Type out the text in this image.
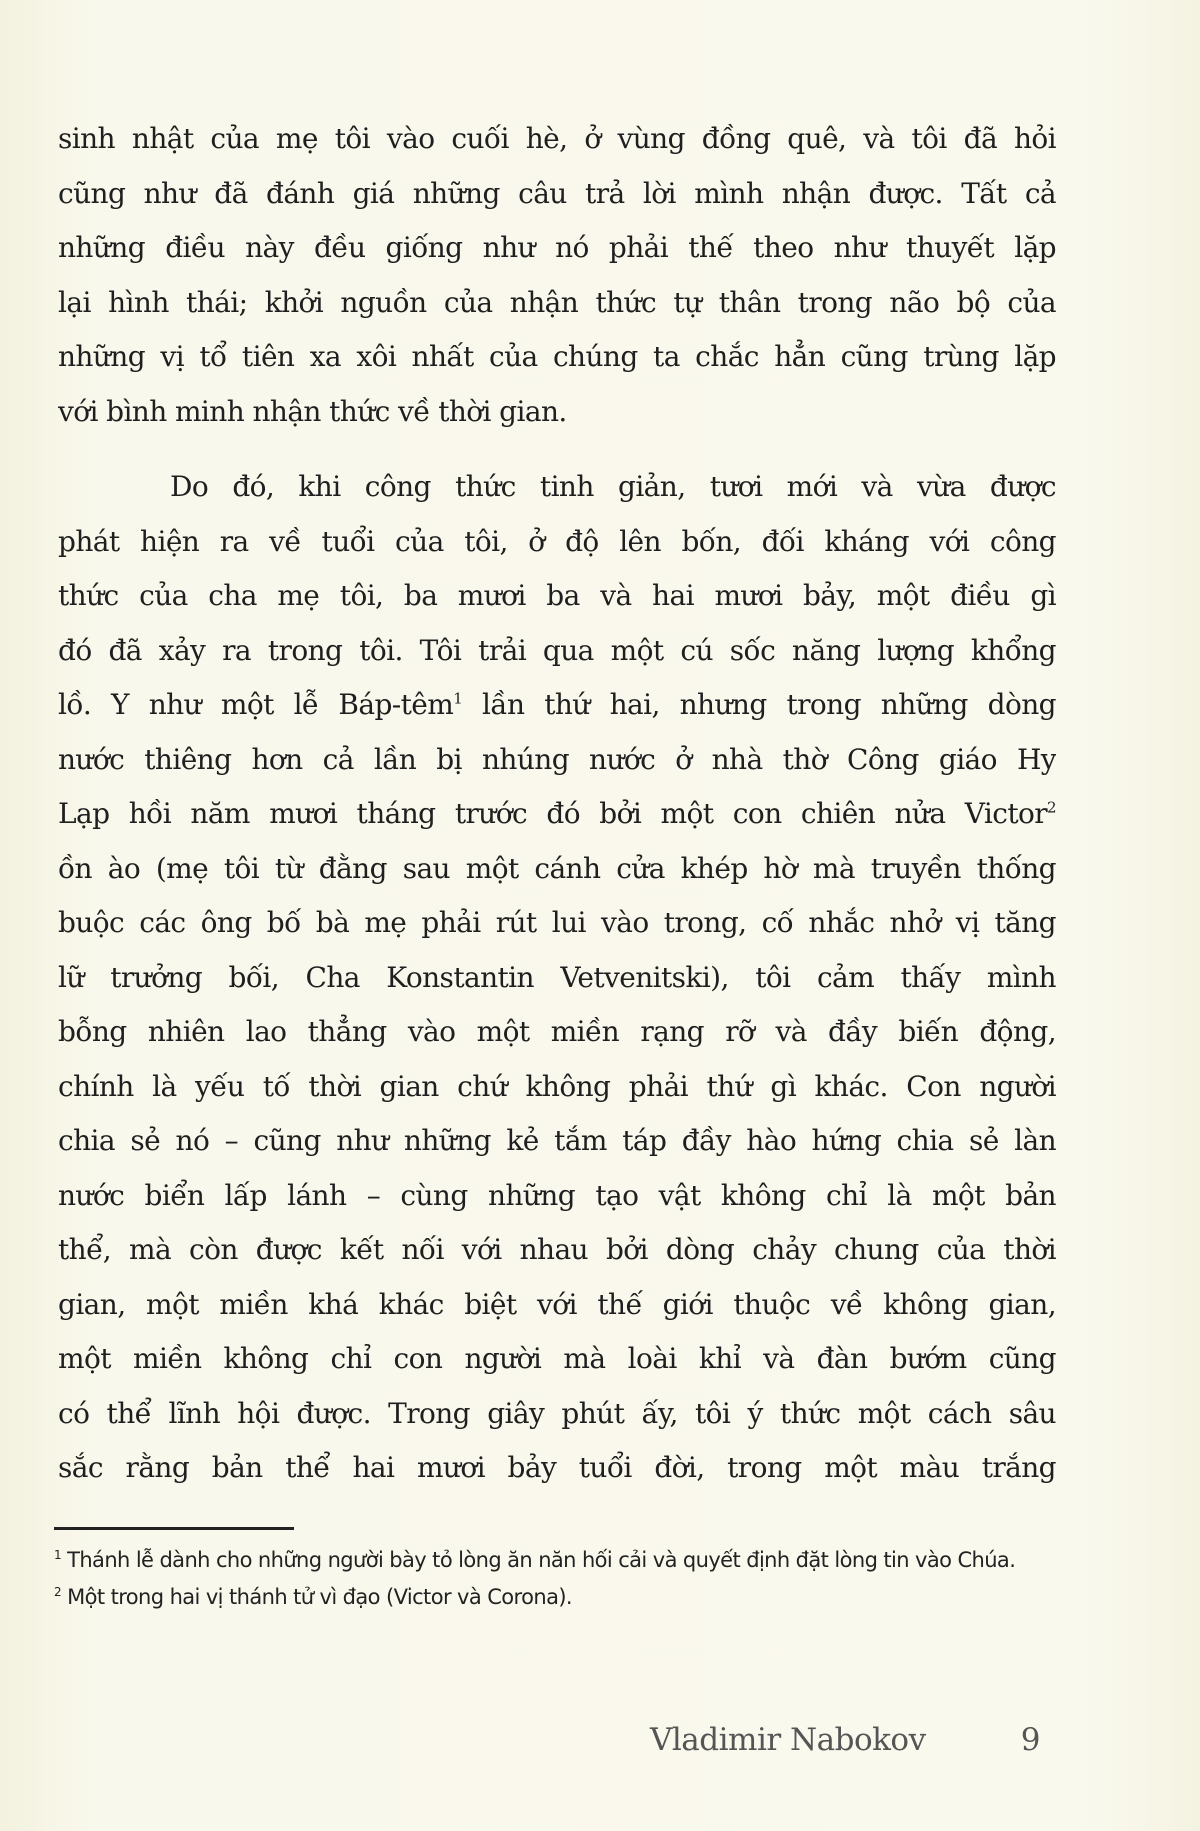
sinh nhật của mẹ tôi vào cuối hè, ở vùng đồng quê, và tôi đã hỏi
cũng như đã đánh giá những câu trả lời mình nhận được. Tất cả
những điều này đều giống như nó phải thế theo như thuyết lặp
lại hình thái; khởi nguồn của nhận thức tự thân trong não bộ của
những vị tổ tiên xa xôi nhất của chúng ta chắc hẳn cũng trùng lặp
với bình minh nhận thức về thời gian.
Do đó, khi công thức tinh giản, tươi mới và vừa được
phát hiện ra về tuổi của tôi, ở độ lên bốn, đối kháng với công
thức của cha mẹ tôi, ba mươi ba và hai mươi bảy, một điều gì
đó đã xảy ra trong tôi. Tôi trải qua một cú sốc năng lượng khổng
lồ. Y như một lễ Báp-têm$^1$ lần thứ hai, nhưng trong những dòng
nước thiêng hơn cả lần bị nhúng nước ở nhà thờ Công giáo Hy
Lạp hồi năm mươi tháng trước đó bởi một con chiên nửa Victor$^2$
ồn ào (mẹ tôi từ đằng sau một cánh cửa khép hờ mà truyền thống
buộc các ông bố bà mẹ phải rút lui vào trong, cố nhắc nhở vị tăng
lữ trưởng bối, Cha Konstantin Vetvenitski), tôi cảm thấy mình
bỗng nhiên lao thẳng vào một miền rạng rỡ và đầy biến động,
chính là yếu tố thời gian chứ không phải thứ gì khác. Con người
chia sẻ nó – cũng như những kẻ tắm táp đầy hào hứng chia sẻ làn
nước biển lấp lánh – cùng những tạo vật không chỉ là một bản
thể, mà còn được kết nối với nhau bởi dòng chảy chung của thời
gian, một miền khá khác biệt với thế giới thuộc về không gian,
một miền không chỉ con người mà loài khỉ và đàn bướm cũng
có thể lĩnh hội được. Trong giây phút ấy, tôi ý thức một cách sâu
sắc rằng bản thể hai mươi bảy tuổi đời, trong một màu trắng
$^1$ Thánh lễ dành cho những người bày tỏ lòng ăn năn hối cải và quyết định đặt lòng tin vào Chúa.
$^2$ Một trong hai vị thánh tử vì đạo (Victor và Corona).
Vladimir Nabokov	9
